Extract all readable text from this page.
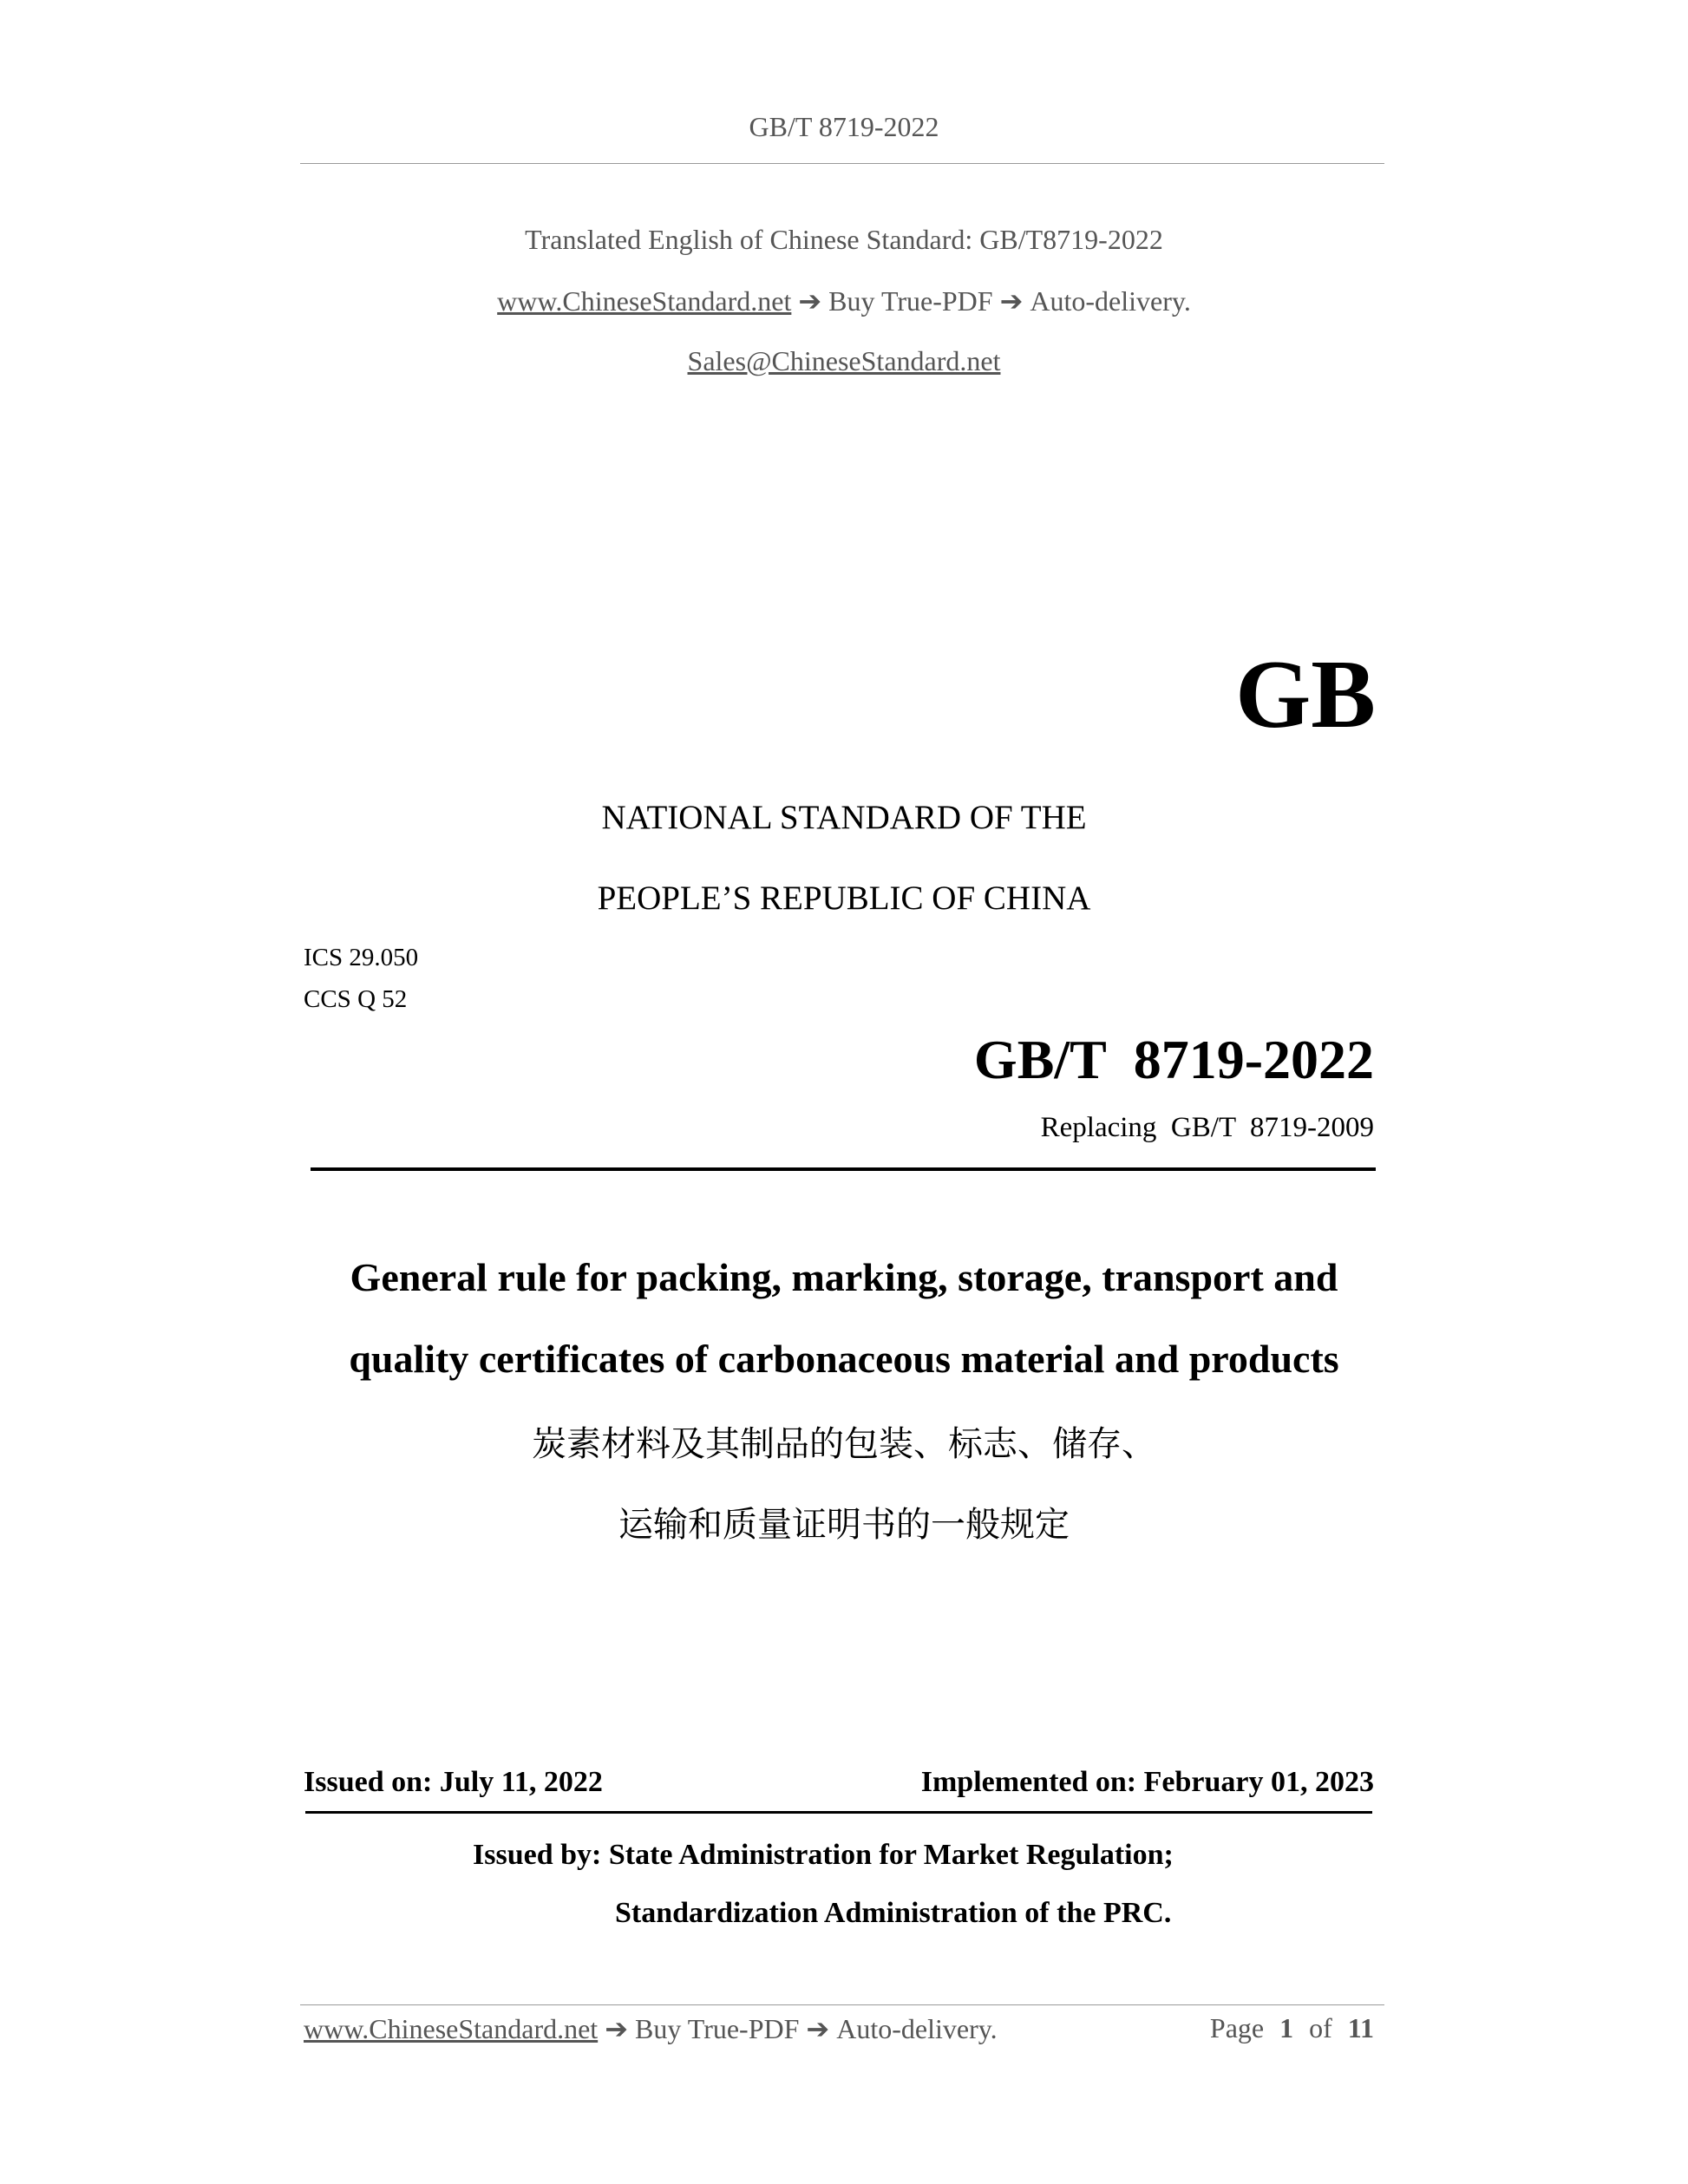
GB/T 8719-2022
Translated English of Chinese Standard: GB/T8719-2022
www.ChineseStandard.net ➔ Buy True-PDF ➔ Auto-delivery.
Sales@ChineseStandard.net
GB
NATIONAL STANDARD OF THE
PEOPLE’S REPUBLIC OF CHINA
ICS 29.050
CCS Q 52
GB/T  8719-2022
Replacing  GB/T  8719-2009
General rule for packing, marking, storage, transport and
quality certificates of carbonaceous material and products
炭素材料及其制品的包装、标志、储存、
运输和质量证明书的一般规定
Issued on: July 11, 2022	Implemented on: February 01, 2023
Issued by: State Administration for Market Regulation;
Standardization Administration of the PRC.
www.ChineseStandard.net ➔ Buy True-PDF ➔ Auto-delivery.	Page 1 of 11
